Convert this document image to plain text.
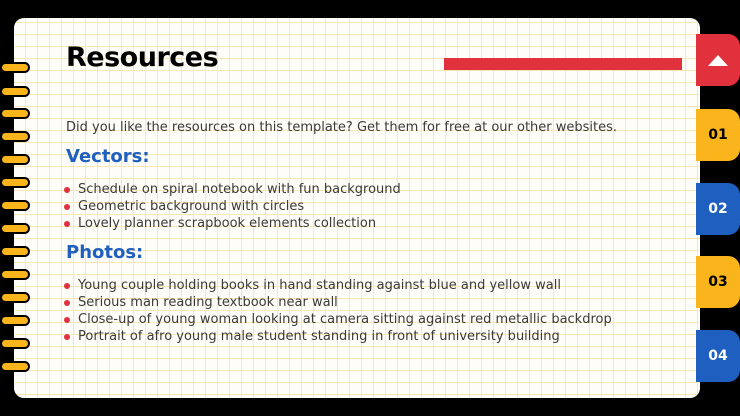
Resources

Did you like the resources on this template? Get them for free at our other websites.

Vectors:
Schedule on spiral notebook with fun background
Geometric background with circles
Lovely planner scrapbook elements collection
Photos:
Young couple holding books in hand standing against blue and yellow wall
Serious man reading textbook near wall
Close-up of young woman looking at camera sitting against red metallic backdrop
Portrait of afro young male student standing in front of university building
01
02
03
04
